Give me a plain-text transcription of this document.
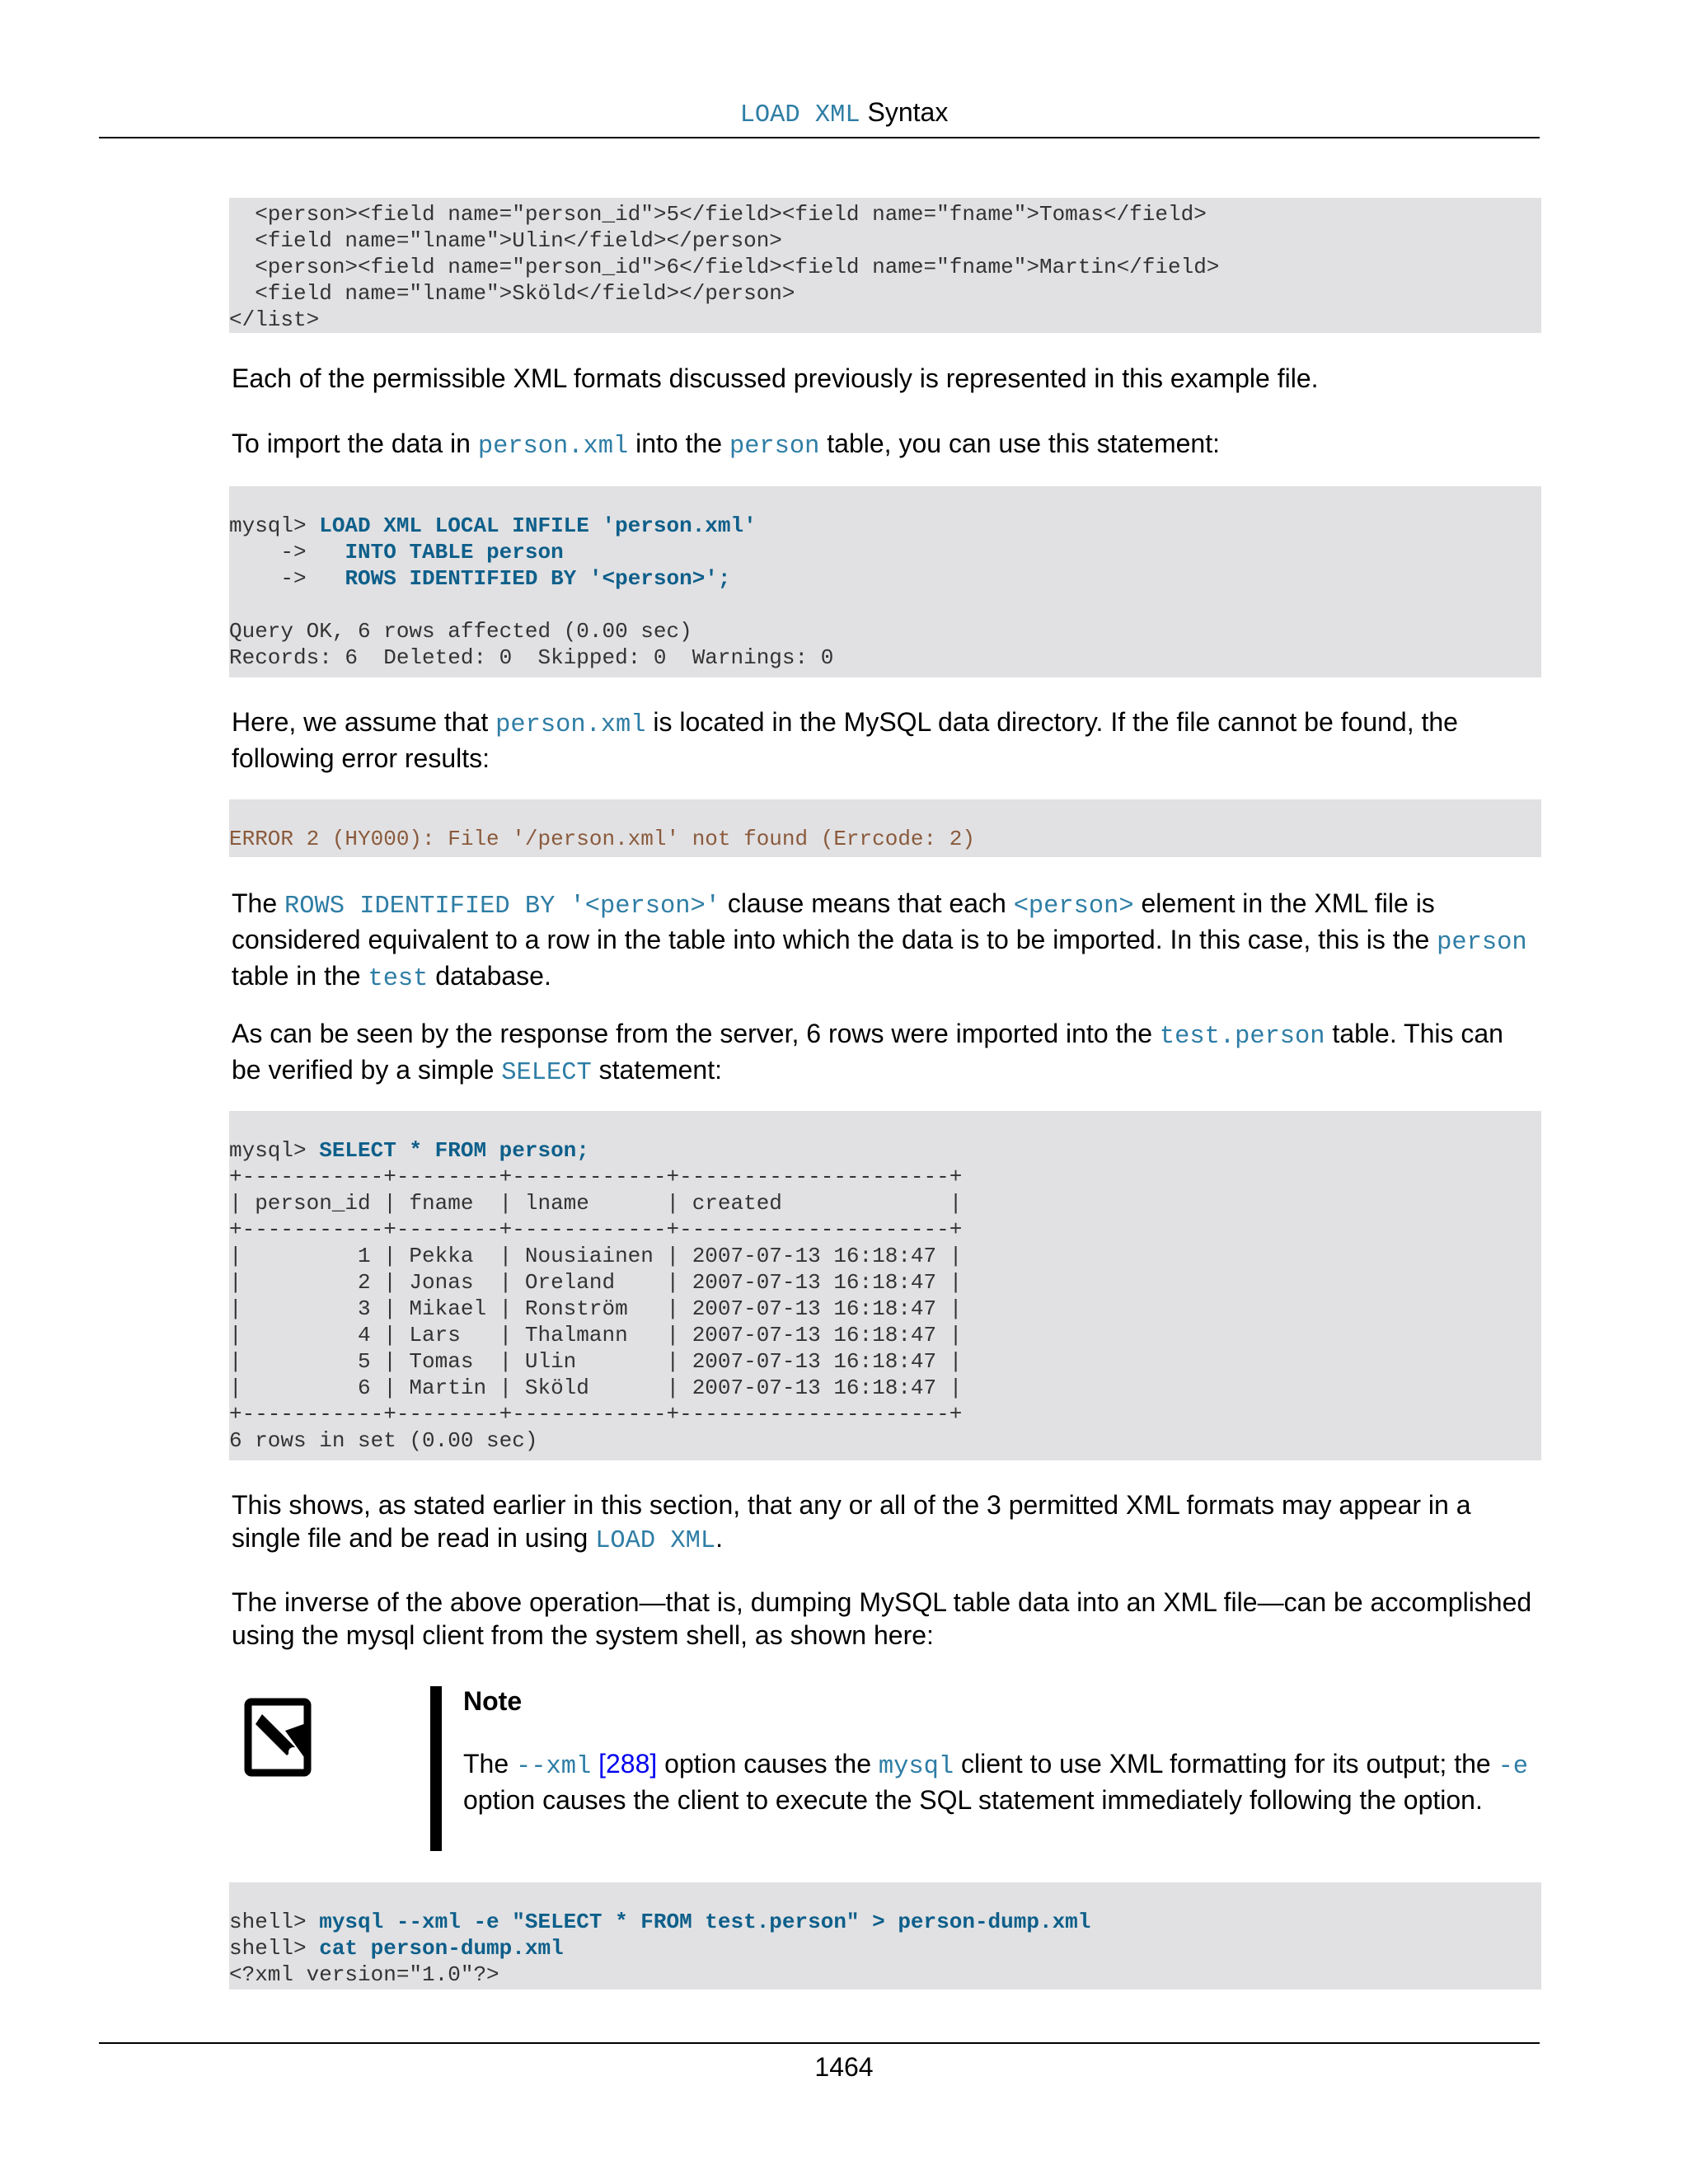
LOAD XML Syntax
<person><field name="person_id">5</field><field name="fname">Tomas</field>
<field name="lname">Ulin</field></person>
<person><field name="person_id">6</field><field name="fname">Martin</field>
<field name="lname">Sköld</field></person>
</list>
Each of the permissible XML formats discussed previously is represented in this example file.
To import the data in person.xml into the person table, you can use this statement:
mysql> LOAD XML LOCAL INFILE 'person.xml'
->   INTO TABLE person
->   ROWS IDENTIFIED BY '<person>';
Query OK, 6 rows affected (0.00 sec)
Records: 6  Deleted: 0  Skipped: 0  Warnings: 0
Here, we assume that person.xml is located in the MySQL data directory. If the file cannot be found, the following error results:
ERROR 2 (HY000): File '/person.xml' not found (Errcode: 2)
The ROWS IDENTIFIED BY '<person>' clause means that each <person> element in the XML file is considered equivalent to a row in the table into which the data is to be imported. In this case, this is the person table in the test database.
As can be seen by the response from the server, 6 rows were imported into the test.person table. This can be verified by a simple SELECT statement:
mysql> SELECT * FROM person;
+-----------+--------+------------+---------------------+
| person_id | fname  | lname      | created             |
+-----------+--------+------------+---------------------+
|         1 | Pekka  | Nousiainen | 2007-07-13 16:18:47 |
|         2 | Jonas  | Oreland    | 2007-07-13 16:18:47 |
|         3 | Mikael | Ronström   | 2007-07-13 16:18:47 |
|         4 | Lars   | Thalmann   | 2007-07-13 16:18:47 |
|         5 | Tomas  | Ulin       | 2007-07-13 16:18:47 |
|         6 | Martin | Sköld      | 2007-07-13 16:18:47 |
+-----------+--------+------------+---------------------+
6 rows in set (0.00 sec)
This shows, as stated earlier in this section, that any or all of the 3 permitted XML formats may appear in a single file and be read in using LOAD XML.
The inverse of the above operation—that is, dumping MySQL table data into an XML file—can be accomplished using the mysql client from the system shell, as shown here:
Note
The --xml [288] option causes the mysql client to use XML formatting for its output; the -e option causes the client to execute the SQL statement immediately following the option.
shell> mysql --xml -e "SELECT * FROM test.person" > person-dump.xml
shell> cat person-dump.xml
<?xml version="1.0"?>
1464
